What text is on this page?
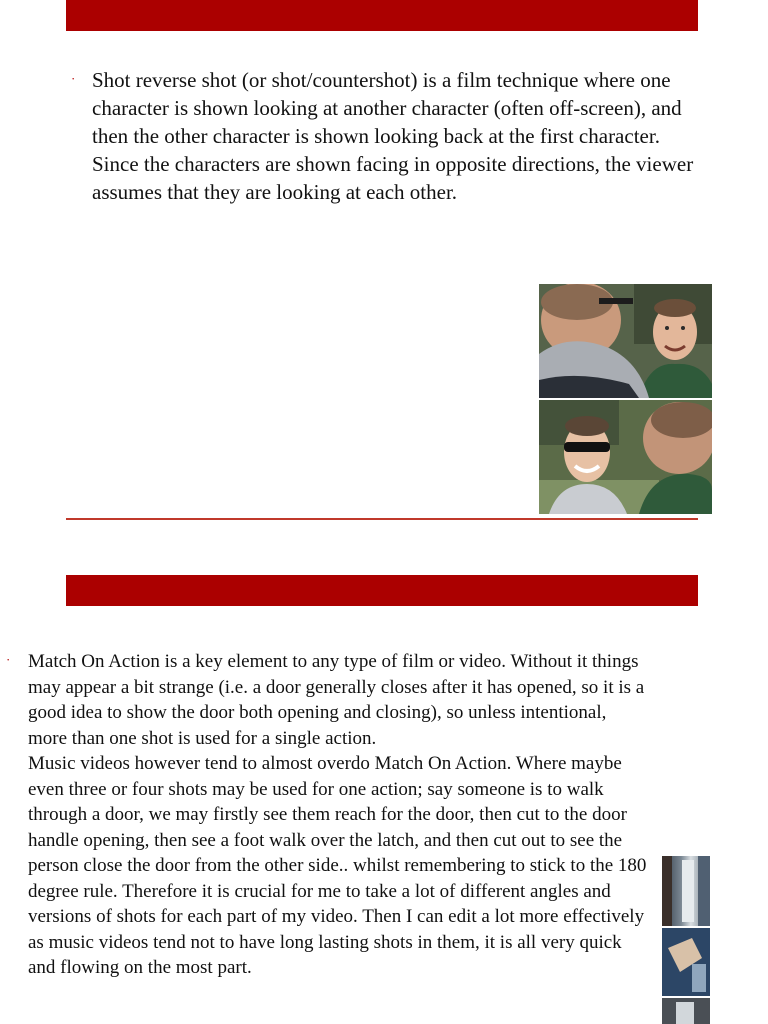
· Shot reverse shot (or shot/countershot) is a film technique where one character is shown looking at another character (often off-screen), and then the other character is shown looking back at the first character. Since the characters are shown facing in opposite directions, the viewer assumes that they are looking at each other.

· Match On Action is a key element to any type of film or video. Without it things may appear a bit strange (i.e. a door generally closes after it has opened, so it is a good idea to show the door both opening and closing), so unless intentional, more than one shot is used for a single action.

Music videos however tend to almost overdo Match On Action. Where maybe even three or four shots may be used for one action; say someone is to walk through a door, we may firstly see them reach for the door, then cut to the door handle opening, then see a foot walk over the latch, and then cut out to see the person close the door from the other side.. whilst remembering to stick to the 180 degree rule. Therefore it is crucial for me to take a lot of different angles and versions of shots for each part of my video. Then I can edit a lot more effectively as music videos tend not to have long lasting shots in them, it is all very quick and flowing on the most part.
